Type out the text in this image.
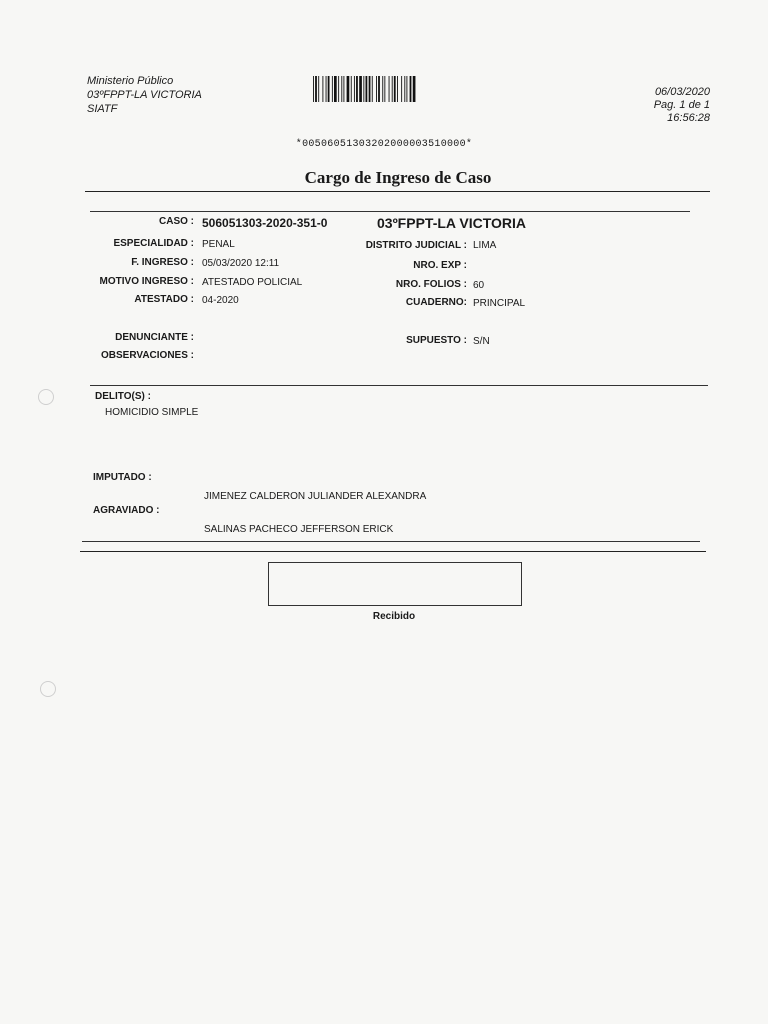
Ministerio Público
03ºFPPT-LA VICTORIA
SIATF
06/03/2020
Pag. 1 de 1
16:56:28
*00506051303202000003510000*
Cargo de Ingreso de Caso
CASO : 506051303-2020-351-0	03ºFPPT-LA VICTORIA
ESPECIALIDAD : PENAL
F. INGRESO : 05/03/2020 12:11
MOTIVO INGRESO : ATESTADO POLICIAL
ATESTADO : 04-2020
DENUNCIANTE :
OBSERVACIONES :
DISTRITO JUDICIAL : LIMA
NRO. EXP :
NRO. FOLIOS : 60
CUADERNO: PRINCIPAL
SUPUESTO : S/N
DELITO(S) :
HOMICIDIO SIMPLE
IMPUTADO :
JIMENEZ CALDERON JULIANDER ALEXANDRA
AGRAVIADO :
SALINAS PACHECO JEFFERSON ERICK
Recibido
